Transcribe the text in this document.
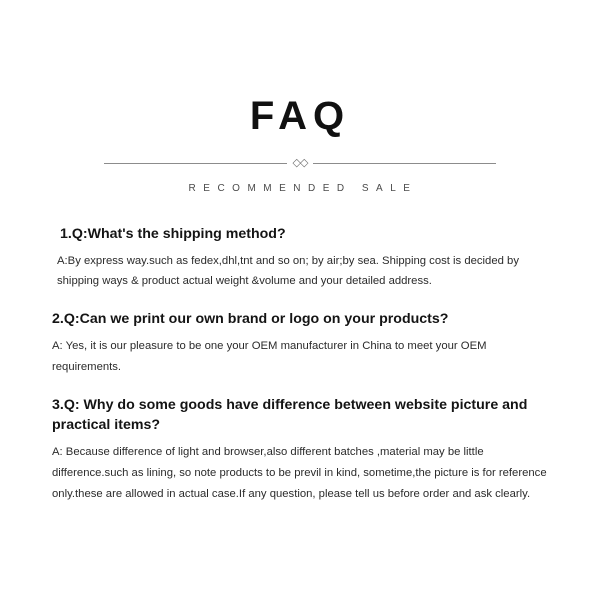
FAQ
◇◇
RECOMMENDED SALE

1.Q:What's the shipping method?

A:By express way.such as fedex,dhl,tnt and so on; by air;by sea. Shipping cost is decided by shipping ways & product actual weight &volume and your detailed address.

2.Q:Can we print our own brand or logo on your products?

A: Yes, it is our pleasure to be one your OEM manufacturer in China to meet your OEM requirements.

3.Q: Why do some goods have difference between website picture and practical items?

A: Because difference of light and browser,also different batches ,material may be little difference.such as lining, so note products to be previl in kind, sometime,the picture is for reference only.these are allowed in actual case.If any question, please tell us before order and ask clearly.
